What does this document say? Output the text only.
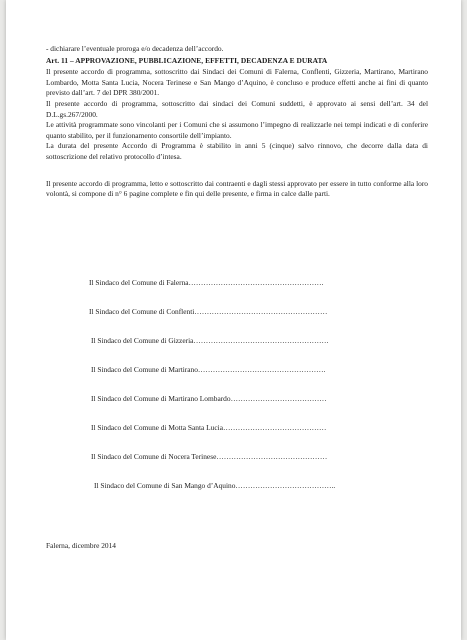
- dichiarare l’eventuale proroga e/o decadenza dell’accordo.

Art. 11 – APPROVAZIONE, PUBBLICAZIONE, EFFETTI, DECADENZA E DURATA

Il presente accordo di programma, sottoscritto dai Sindaci dei Comuni di Falerna, Conflenti, Gizzeria, Martirano, Martirano Lombardo, Motta Santa Lucia, Nocera Terinese e San Mango d’Aquino, è concluso e produce effetti anche ai fini di quanto previsto dall’art. 7 del DPR 380/2001.

Il presente accordo di programma, sottoscritto dai sindaci dei Comuni suddetti, è approvato ai sensi dell’art. 34 del D.L.gs.267/2000.

Le attività programmate sono vincolanti per i Comuni che si assumono l’impegno di realizzarle nei tempi indicati e di conferire quanto stabilito, per il funzionamento consortile dell’impianto.

La durata del presente Accordo di Programma è stabilito in anni 5 (cinque) salvo rinnovo, che decorre dalla data di sottoscrizione del relativo protocollo d’intesa.

Il presente accordo di programma, letto e sottoscritto dai contraenti e dagli stessi approvato per essere in tutto conforme alla loro volontà, si compone di n° 6 pagine complete e fin qui delle presente, e firma in calce dalle parti.

Il Sindaco del Comune di Falerna……………………………………………….
Il Sindaco del Comune di Conflenti………………………………………………
Il Sindaco del Comune di Gizzeria……………………………………………….
Il Sindaco del Comune di Martirano…………………………………………….
Il Sindaco del Comune di Martirano Lombardo…………………………………
Il Sindaco del Comune di Motta Santa Lucia……………………………………
Il Sindaco del Comune di Nocera Terinese………………………………………
Il Sindaco del Comune di San Mango d’Aquino…………………………………..
Falerna, dicembre 2014
